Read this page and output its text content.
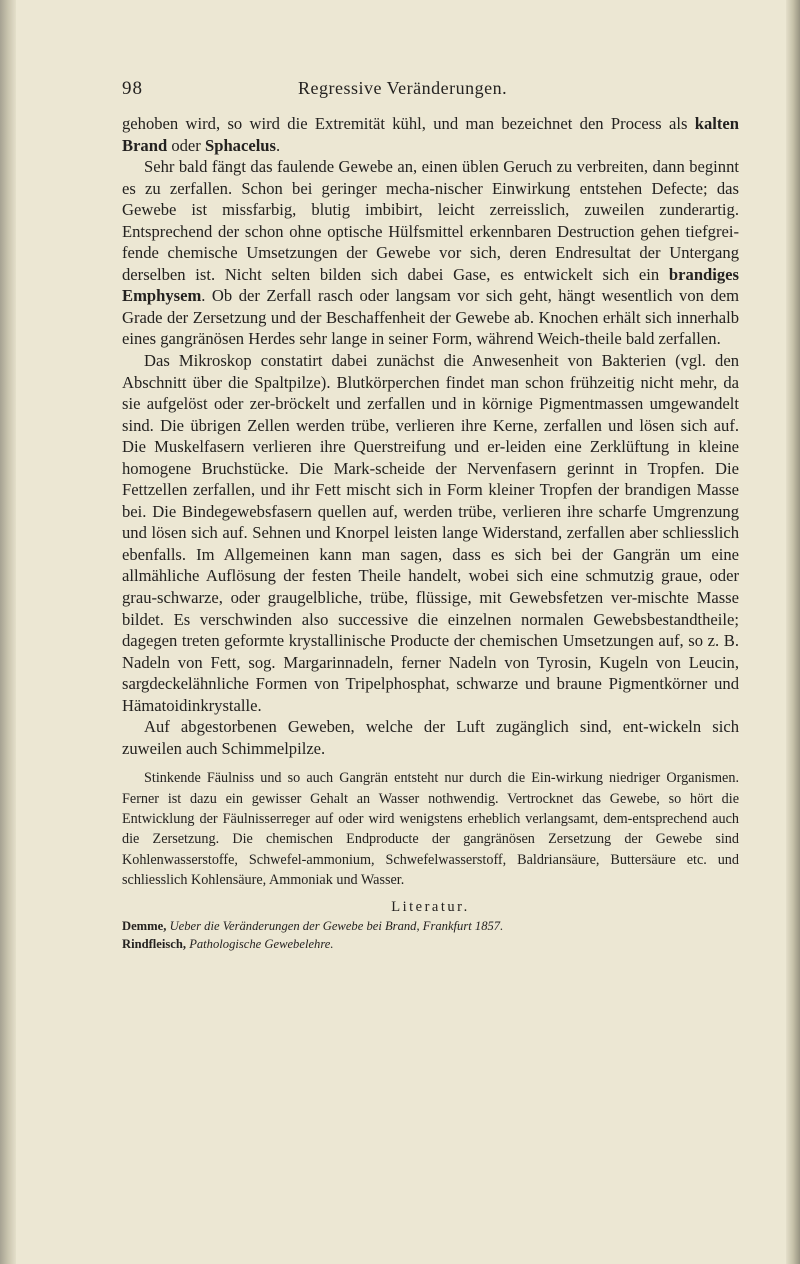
98	Regressive Veränderungen.

gehoben wird, so wird die Extremität kühl, und man bezeichnet den Process als kalten Brand oder Sphacelus.

Sehr bald fängt das faulende Gewebe an, einen üblen Geruch zu verbreiten, dann beginnt es zu zerfallen. Schon bei geringer mecha-nischer Einwirkung entstehen Defecte; das Gewebe ist missfarbig, blutig imbibirt, leicht zerreisslich, zuweilen zunderartig. Entsprechend der schon ohne optische Hülfsmittel erkennbaren Destruction gehen tiefgrei-fende chemische Umsetzungen der Gewebe vor sich, deren Endresultat der Untergang derselben ist. Nicht selten bilden sich dabei Gase, es entwickelt sich ein brandiges Emphysem. Ob der Zerfall rasch oder langsam vor sich geht, hängt wesentlich von dem Grade der Zersetzung und der Beschaffenheit der Gewebe ab. Knochen erhält sich innerhalb eines gangränösen Herdes sehr lange in seiner Form, während Weich-theile bald zerfallen.

Das Mikroskop constatirt dabei zunächst die Anwesenheit von Bakterien (vgl. den Abschnitt über die Spaltpilze). Blutkörperchen findet man schon frühzeitig nicht mehr, da sie aufgelöst oder zer-bröckelt und zerfallen und in körnige Pigmentmassen umgewandelt sind. Die übrigen Zellen werden trübe, verlieren ihre Kerne, zerfallen und lösen sich auf. Die Muskelfasern verlieren ihre Querstreifung und er-leiden eine Zerklüftung in kleine homogene Bruchstücke. Die Mark-scheide der Nervenfasern gerinnt in Tropfen. Die Fettzellen zerfallen, und ihr Fett mischt sich in Form kleiner Tropfen der brandigen Masse bei. Die Bindegewebsfasern quellen auf, werden trübe, verlieren ihre scharfe Umgrenzung und lösen sich auf. Sehnen und Knorpel leisten lange Widerstand, zerfallen aber schliesslich ebenfalls. Im Allgemeinen kann man sagen, dass es sich bei der Gangrän um eine allmähliche Auflösung der festen Theile handelt, wobei sich eine schmutzig graue, oder grau-schwarze, oder graugelbliche, trübe, flüssige, mit Gewebsfetzen ver-mischte Masse bildet. Es verschwinden also successive die einzelnen normalen Gewebsbestandtheile; dagegen treten geformte krystallinische Producte der chemischen Umsetzungen auf, so z. B. Nadeln von Fett, sog. Margarinnadeln, ferner Nadeln von Tyrosin, Kugeln von Leucin, sargdeckelähnliche Formen von Tripelphosphat, schwarze und braune Pigmentkörner und Hämatoidinkrystalle.

Auf abgestorbenen Geweben, welche der Luft zugänglich sind, ent-wickeln sich zuweilen auch Schimmelpilze.

Stinkende Fäulniss und so auch Gangrän entsteht nur durch die Ein-wirkung niedriger Organismen. Ferner ist dazu ein gewisser Gehalt an Wasser nothwendig. Vertrocknet das Gewebe, so hört die Entwicklung der Fäulnisserreger auf oder wird wenigstens erheblich verlangsamt, dem-entsprechend auch die Zersetzung. Die chemischen Endproducte der gangränösen Zersetzung der Gewebe sind Kohlenwasserstoffe, Schwefel-ammonium, Schwefelwasserstoff, Baldriansäure, Buttersäure etc. und schliesslich Kohlensäure, Ammoniak und Wasser.

Literatur.

Demme, Ueber die Veränderungen der Gewebe bei Brand, Frankfurt 1857.

Rindfleisch, Pathologische Gewebelehre.
